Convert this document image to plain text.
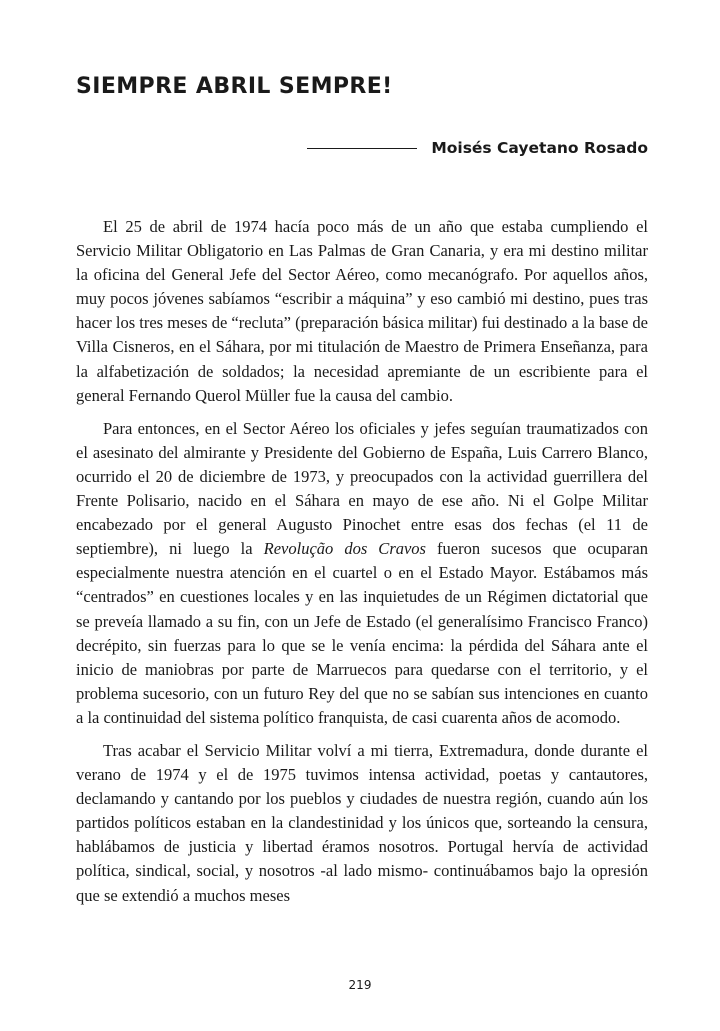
SIEMPRE ABRIL SEMPRE!
Moisés Cayetano Rosado

El 25 de abril de 1974 hacía poco más de un año que estaba cumpliendo el Servicio Militar Obligatorio en Las Palmas de Gran Canaria, y era mi destino militar la oficina del General Jefe del Sector Aéreo, como mecanógrafo. Por aquellos años, muy pocos jóvenes sabíamos “escribir a máquina” y eso cambió mi destino, pues tras hacer los tres meses de “recluta” (preparación básica militar) fui destinado a la base de Villa Cisneros, en el Sáhara, por mi titulación de Maestro de Primera Enseñanza, para la alfabetización de soldados; la necesidad apremiante de un escribiente para el general Fernando Querol Müller fue la causa del cambio.

Para entonces, en el Sector Aéreo los oficiales y jefes seguían traumatizados con el asesinato del almirante y Presidente del Gobierno de España, Luis Carrero Blanco, ocurrido el 20 de diciembre de 1973, y preocupados con la actividad guerrillera del Frente Polisario, nacido en el Sáhara en mayo de ese año. Ni el Golpe Militar encabezado por el general Augusto Pinochet entre esas dos fechas (el 11 de septiembre), ni luego la Revolução dos Cravos fueron sucesos que ocuparan especialmente nuestra atención en el cuartel o en el Estado Mayor. Estábamos más “centrados” en cuestiones locales y en las inquietudes de un Régimen dictatorial que se preveía llamado a su fin, con un Jefe de Estado (el generalísimo Francisco Franco) decrépito, sin fuerzas para lo que se le venía encima: la pérdida del Sáhara ante el inicio de maniobras por parte de Marruecos para quedarse con el territorio, y el problema sucesorio, con un futuro Rey del que no se sabían sus intenciones en cuanto a la continuidad del sistema político franquista, de casi cuarenta años de acomodo.

Tras acabar el Servicio Militar volví a mi tierra, Extremadura, donde durante el verano de 1974 y el de 1975 tuvimos intensa actividad, poetas y cantautores, declamando y cantando por los pueblos y ciudades de nuestra región, cuando aún los partidos políticos estaban en la clandestinidad y los únicos que, sorteando la censura, hablábamos de justicia y libertad éramos nosotros. Portugal hervía de actividad política, sindical, social, y nosotros -al lado mismo- continuábamos bajo la opresión que se extendió a muchos meses

219
